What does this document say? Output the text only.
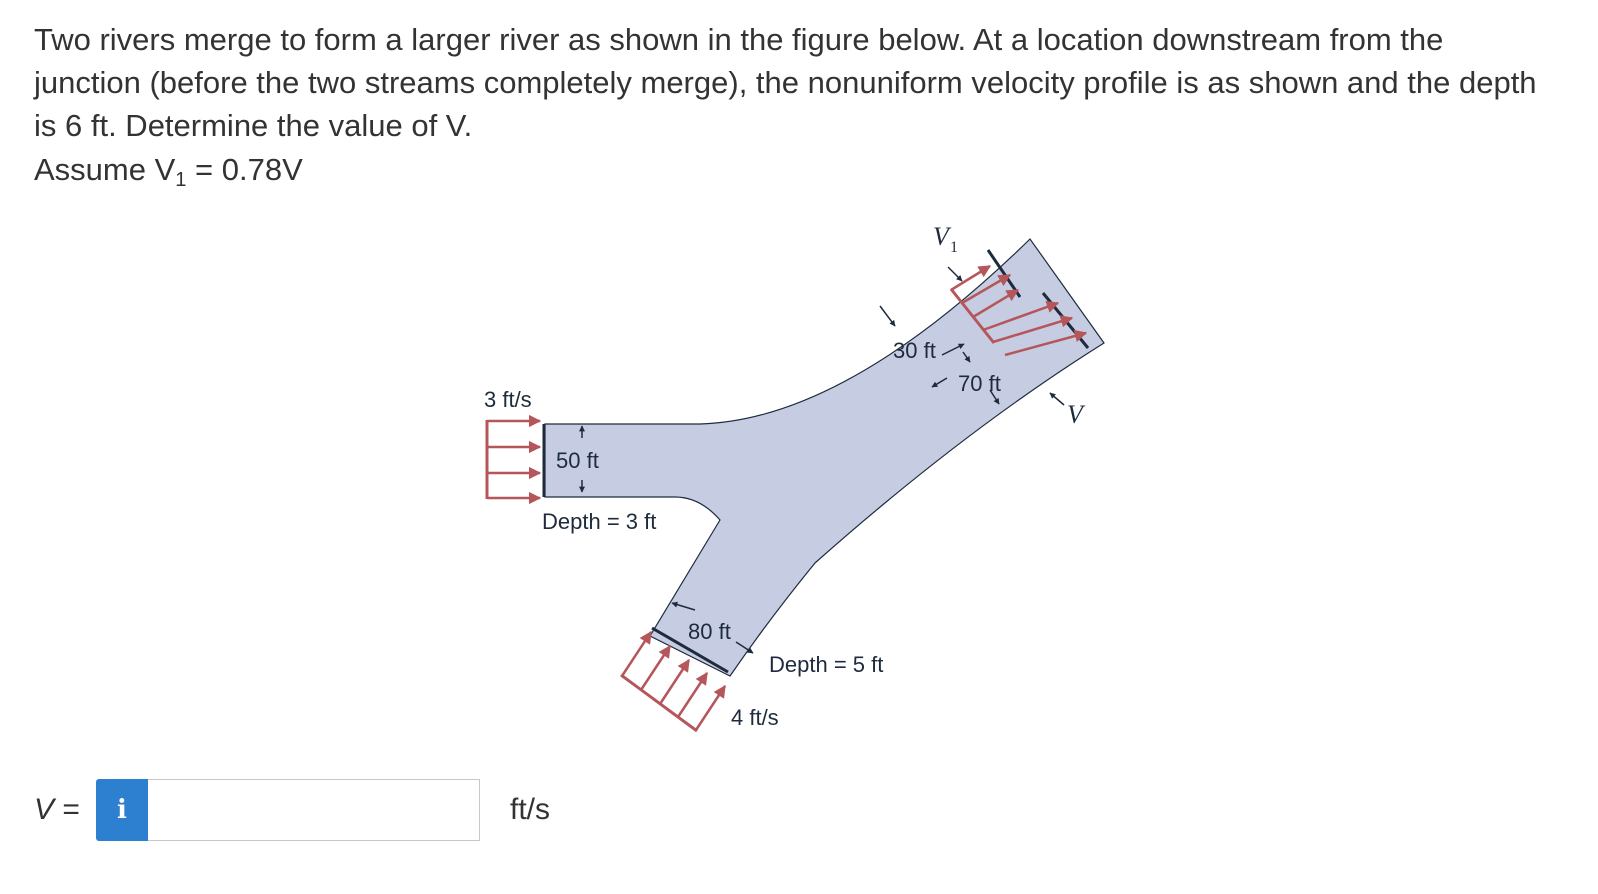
Two rivers merge to form a larger river as shown in the figure below. At a location downstream from the junction (before the two streams completely merge), the nonuniform velocity profile is as shown and the depth is 6 ft. Determine the value of V.

Assume $V_1 = 0.78V$
3 ft/s
50 ft
Depth = 3 ft
80 ft
Depth = 5 ft
4 ft/s
30 ft
70 ft
V 1
V
V =	i	ft/s
